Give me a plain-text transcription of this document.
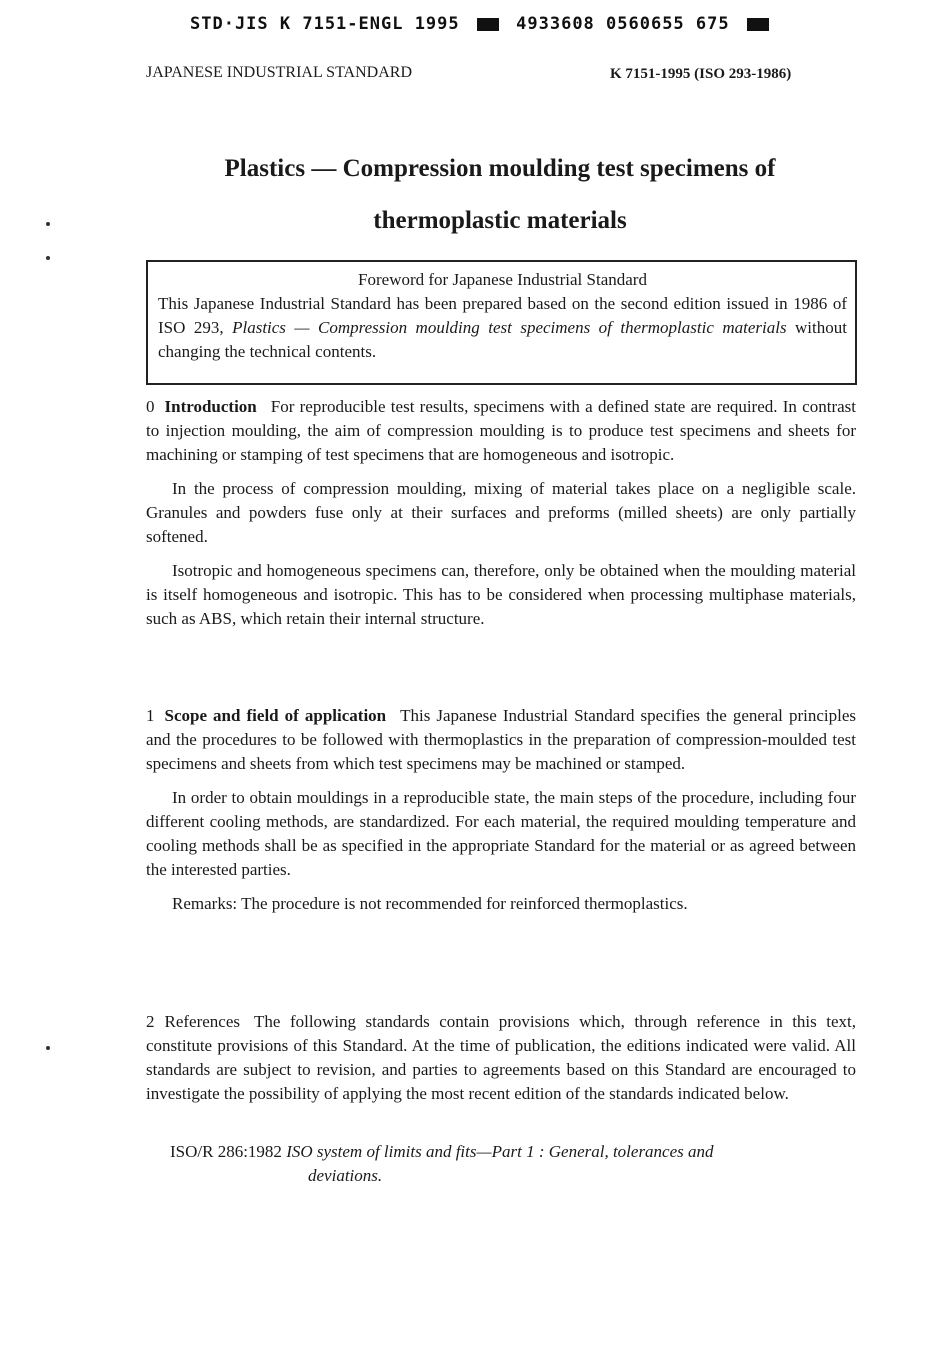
STD·JIS K 7151-ENGL 1995	4933608 0560655 675
JAPANESE INDUSTRIAL STANDARD	K 7151-1995 (ISO 293-1986)
Plastics — Compression moulding test specimens of
thermoplastic materials
Foreword for Japanese Industrial Standard
This Japanese Industrial Standard has been prepared based on the second edition issued in 1986 of ISO 293, Plastics — Compression moulding test specimens of thermoplastic materials without changing the technical contents.

0 Introduction For reproducible test results, specimens with a defined state are required. In contrast to injection moulding, the aim of compression moulding is to produce test specimens and sheets for machining or stamping of test specimens that are homogeneous and isotropic.

In the process of compression moulding, mixing of material takes place on a negligible scale. Granules and powders fuse only at their surfaces and preforms (milled sheets) are only partially softened.

Isotropic and homogeneous specimens can, therefore, only be obtained when the moulding material is itself homogeneous and isotropic. This has to be considered when processing multiphase materials, such as ABS, which retain their internal structure.

1 Scope and field of application This Japanese Industrial Standard specifies the general principles and the procedures to be followed with thermoplastics in the preparation of compression-moulded test specimens and sheets from which test specimens may be machined or stamped.

In order to obtain mouldings in a reproducible state, the main steps of the procedure, including four different cooling methods, are standardized. For each material, the required moulding temperature and cooling methods shall be as specified in the appropriate Standard for the material or as agreed between the interested parties.

Remarks: The procedure is not recommended for reinforced thermoplastics.

2 References The following standards contain provisions which, through reference in this text, constitute provisions of this Standard. At the time of publication, the editions indicated were valid. All standards are subject to revision, and parties to agreements based on this Standard are encouraged to investigate the possibility of applying the most recent edition of the standards indicated below.

ISO/R 286:1982 ISO system of limits and fits—Part 1 : General, tolerances and
deviations.
